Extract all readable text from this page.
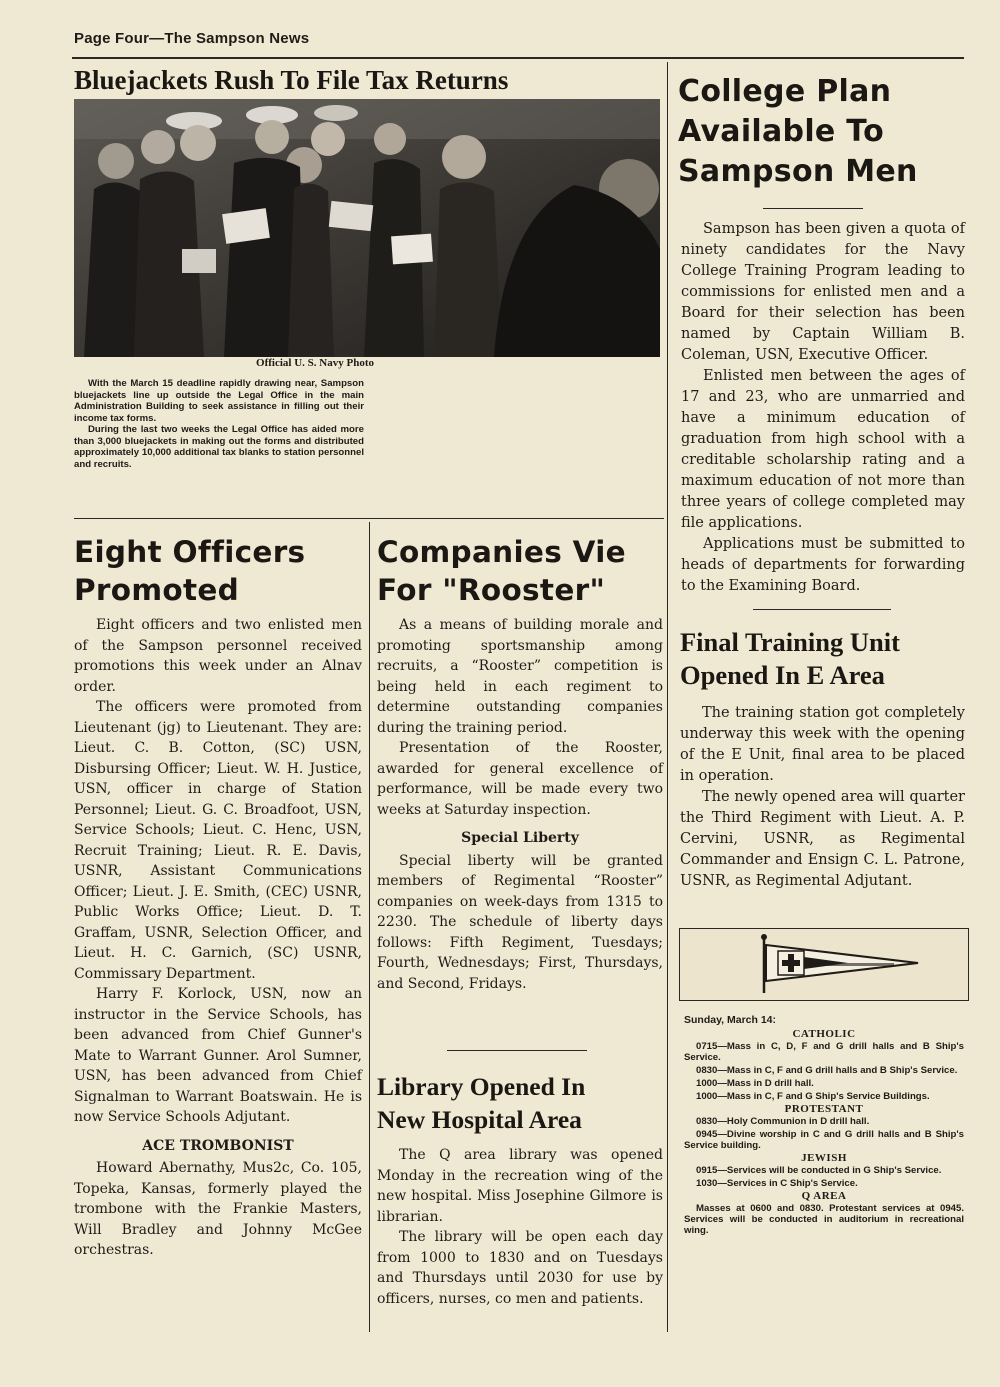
Page Four—The Sampson News
Bluejackets Rush To File Tax Returns
Official U. S. Navy Photo

With the March 15 deadline rapidly drawing near, Sampson bluejackets line up outside the Legal Office in the main Administration Building to seek assistance in filling out their income tax forms.

During the last two weeks the Legal Office has aided more than 3,000 bluejackets in making out the forms and distributed approximately 10,000 additional tax blanks to station personnel and recruits.

College Plan
Available To
Sampson Men

Sampson has been given a quota of ninety candidates for the Navy College Training Program leading to commissions for enlisted men and a Board for their selection has been named by Captain William B. Coleman, USN, Executive Officer.

Enlisted men between the ages of 17 and 23, who are unmarried and have a minimum education of graduation from high school with a creditable scholarship rating and a maximum education of not more than three years of college completed may file applications.

Applications must be submitted to heads of departments for forwarding to the Examining Board.

Final Training Unit
Opened In E Area

The training station got completely underway this week with the opening of the E Unit, final area to be placed in operation.

The newly opened area will quarter the Third Regiment with Lieut. A. P. Cervini, USNR, as Regimental Commander and Ensign C. L. Patrone, USNR, as Regimental Adjutant.

Sunday, March 14:
CATHOLIC

0715—Mass in C, D, F and G drill halls and B Ship's Service.

0830—Mass in C, F and G drill halls and B Ship's Service.

1000—Mass in D drill hall.

1000—Mass in C, F and G Ship's Service Buildings.

PROTESTANT

0830—Holy Communion in D drill hall.

0945—Divine worship in C and G drill halls and B Ship's Service building.

JEWISH

0915—Services will be conducted in G Ship's Service.

1030—Services in C Ship's Service.

Q AREA

Masses at 0600 and 0830. Protestant services at 0945. Services will be conducted in auditorium in recreational wing.

Eight Officers
Promoted

Eight officers and two enlisted men of the Sampson personnel received promotions this week under an Alnav order.

The officers were promoted from Lieutenant (jg) to Lieutenant. They are: Lieut. C. B. Cotton, (SC) USN, Disbursing Officer; Lieut. W. H. Justice, USN, officer in charge of Station Personnel; Lieut. G. C. Broadfoot, USN, Service Schools; Lieut. C. Henc, USN, Recruit Training; Lieut. R. E. Davis, USNR, Assistant Communications Officer; Lieut. J. E. Smith, (CEC) USNR, Public Works Office; Lieut. D. T. Graffam, USNR, Selection Officer, and Lieut. H. C. Garnich, (SC) USNR, Commissary Department.

Harry F. Korlock, USN, now an instructor in the Service Schools, has been advanced from Chief Gunner's Mate to Warrant Gunner. Arol Sumner, USN, has been advanced from Chief Signalman to Warrant Boatswain. He is now Service Schools Adjutant.

ACE TROMBONIST

Howard Abernathy, Mus2c, Co. 105, Topeka, Kansas, formerly played the trombone with the Frankie Masters, Will Bradley and Johnny McGee orchestras.

Companies Vie
For "Rooster"

As a means of building morale and promoting sportsmanship among recruits, a “Rooster” competition is being held in each regiment to determine outstanding companies during the training period.

Presentation of the Rooster, awarded for general excellence of performance, will be made every two weeks at Saturday inspection.

Special Liberty

Special liberty will be granted members of Regimental “Rooster” companies on week-days from 1315 to 2230. The schedule of liberty days follows: Fifth Regiment, Tuesdays; Fourth, Wednesdays; First, Thursdays, and Second, Fridays.

Library Opened In
New Hospital Area

The Q area library was opened Monday in the recreation wing of the new hospital. Miss Josephine Gilmore is librarian.

The library will be open each day from 1000 to 1830 and on Tuesdays and Thursdays until 2030 for use by officers, nurses, co men and patients.
